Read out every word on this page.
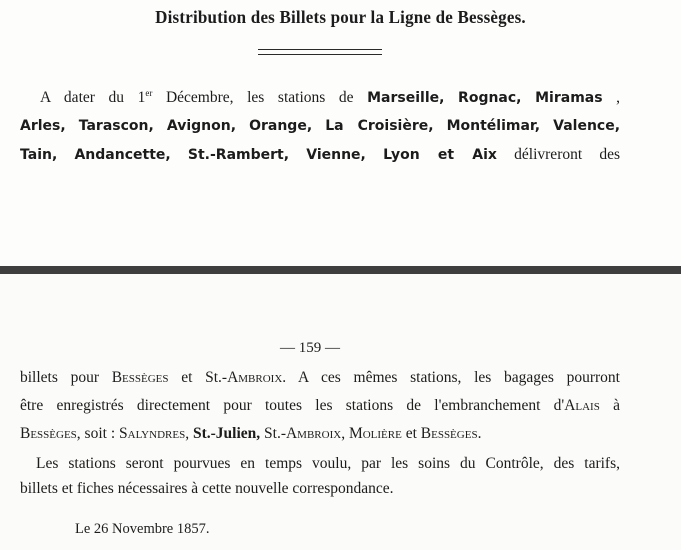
Distribution des Billets pour la Ligne de Bessèges.
A dater du 1er Décembre, les stations de Marseille, Rognac, Miramas ,
Arles, Tarascon, Avignon, Orange, La Croisière, Montélimar, Valence,
Tain, Andancette, St.-Rambert, Vienne, Lyon et Aix délivreront des
— 159 —
billets pour Bessèges et St.-Ambroix. A ces mêmes stations, les bagages pourront
être enregistrés directement pour toutes les stations de l'embranchement d'Alais à
Bessèges, soit : Salyndres, St.-Julien, St.-Ambroix, Molière et Bessèges.
Les stations seront pourvues en temps voulu, par les soins du Contrôle, des tarifs,
billets et fiches nécessaires à cette nouvelle correspondance.
Le 26 Novembre 1857.
